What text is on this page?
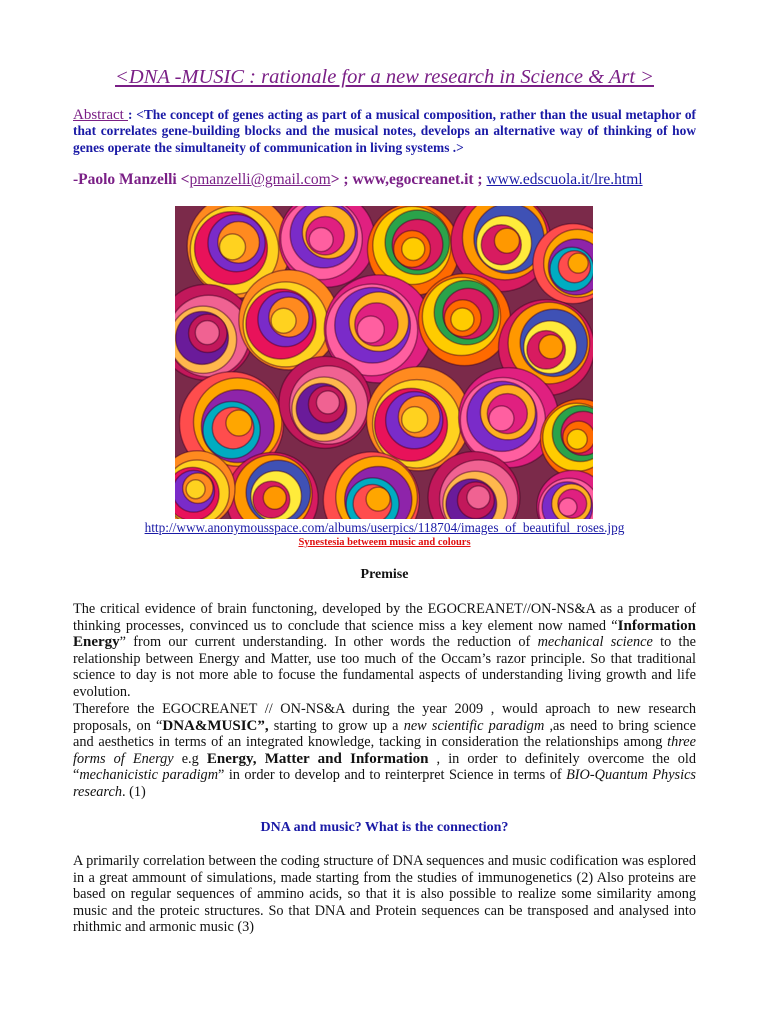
<DNA -MUSIC : rationale for a new research in Science & Art >
Abstract : <The concept of genes acting as part of a musical composition, rather than the usual metaphor of that correlates gene-building blocks and the musical notes, develops an alternative way of thinking of how genes operate the simultaneity of communication in living systems .>
-Paolo Manzelli <pmanzelli@gmail.com> ; www,egocreanet.it ; www.edscuola.it/lre.html
http://www.anonymousspace.com/albums/userpics/118704/images_of_beautiful_roses.jpg
Synestesia betweem music and colours
Premise
The critical evidence of brain functoning, developed by the EGOCREANET//ON-NS&A as a producer of thinking processes, convinced us to conclude that science miss a key element now named “Information Energy” from our current understanding. In other words the reduction of mechanical science to the relationship between Energy and Matter, use too much of the Occam’s razor principle. So that traditional science to day is not more able to focuse the fundamental aspects of understanding living growth and life evolution.
Therefore the EGOCREANET // ON-NS&A during the year 2009 , would aproach to new research proposals, on “DNA&MUSIC”, starting to grow up a new scientific paradigm ,as need to bring science and aesthetics in terms of an integrated knowledge, tacking in consideration the relationships among three forms of Energy e.g Energy, Matter and Information , in order to definitely overcome the old “mechanicistic paradigm” in order to develop and to reinterpret Science in terms of BIO-Quantum Physics research. (1)
DNA and music? What is the connection?
A primarily correlation between the coding structure of DNA sequences and music codification was esplored in a great ammount of simulations, made starting from the studies of immunogenetics (2) Also proteins are based on regular sequences of ammino acids, so that it is also possible to realize some similarity among music and the proteic structures. So that DNA and Protein sequences can be transposed and analysed into rhithmic and armonic music (3)
